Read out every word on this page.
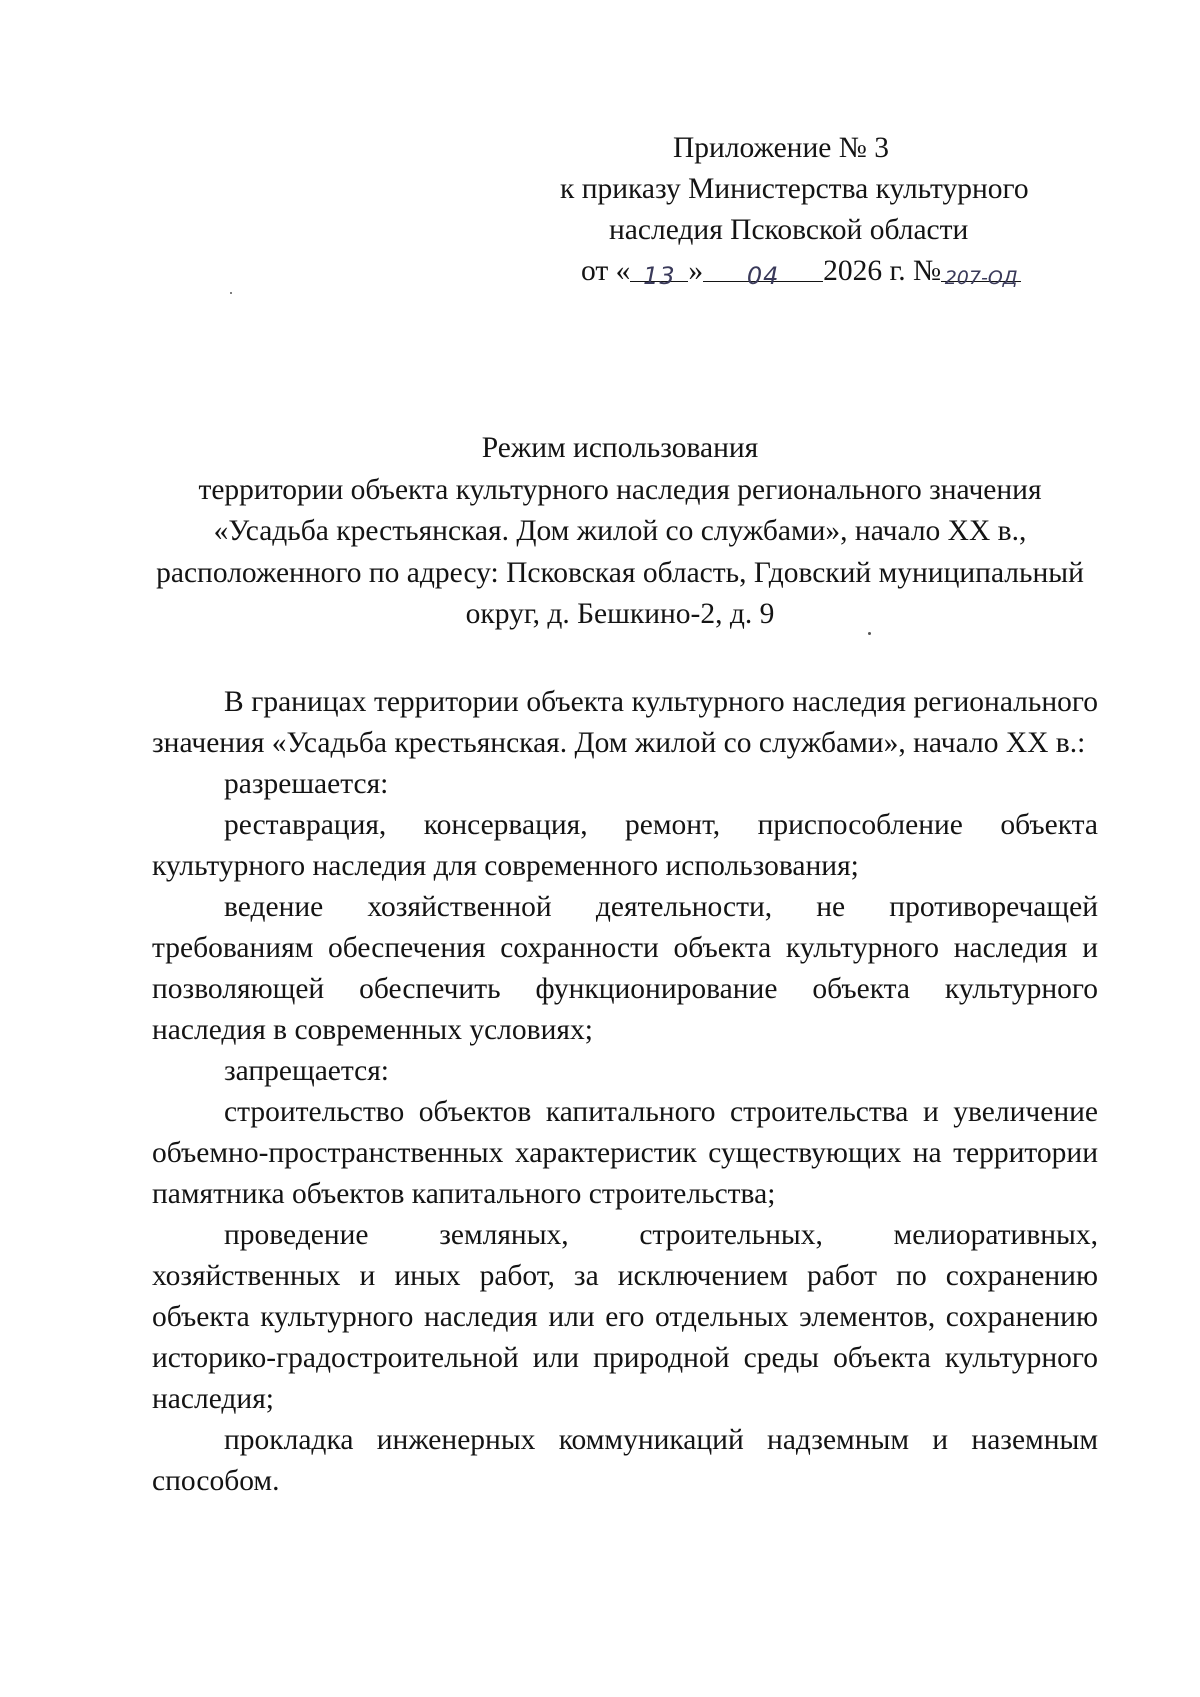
Приложение № 3
к приказу Министерства культурного
наследия Псковской области
от « 13 » 04 2026 г. № 207-ОД
Режим использования
территории объекта культурного наследия регионального значения
«Усадьба крестьянская. Дом жилой со службами», начало XX в.,
расположенного по адресу: Псковская область, Гдовский муниципальный
округ, д. Бешкино-2, д. 9

В границах территории объекта культурного наследия регионального значения «Усадьба крестьянская. Дом жилой со службами», начало XX в.:

разрешается:

реставрация, консервация, ремонт, приспособление объекта культурного наследия для современного использования;

ведение хозяйственной деятельности, не противоречащей требованиям обеспечения сохранности объекта культурного наследия и позволяющей обеспечить функционирование объекта культурного наследия в современных условиях;

запрещается:

строительство объектов капитального строительства и увеличение объемно-пространственных характеристик существующих на территории памятника объектов капитального строительства;

проведение земляных, строительных, мелиоративных, хозяйственных и иных работ, за исключением работ по сохранению объекта культурного наследия или его отдельных элементов, сохранению историко-градостроительной или природной среды объекта культурного наследия;

прокладка инженерных коммуникаций надземным и наземным способом.
